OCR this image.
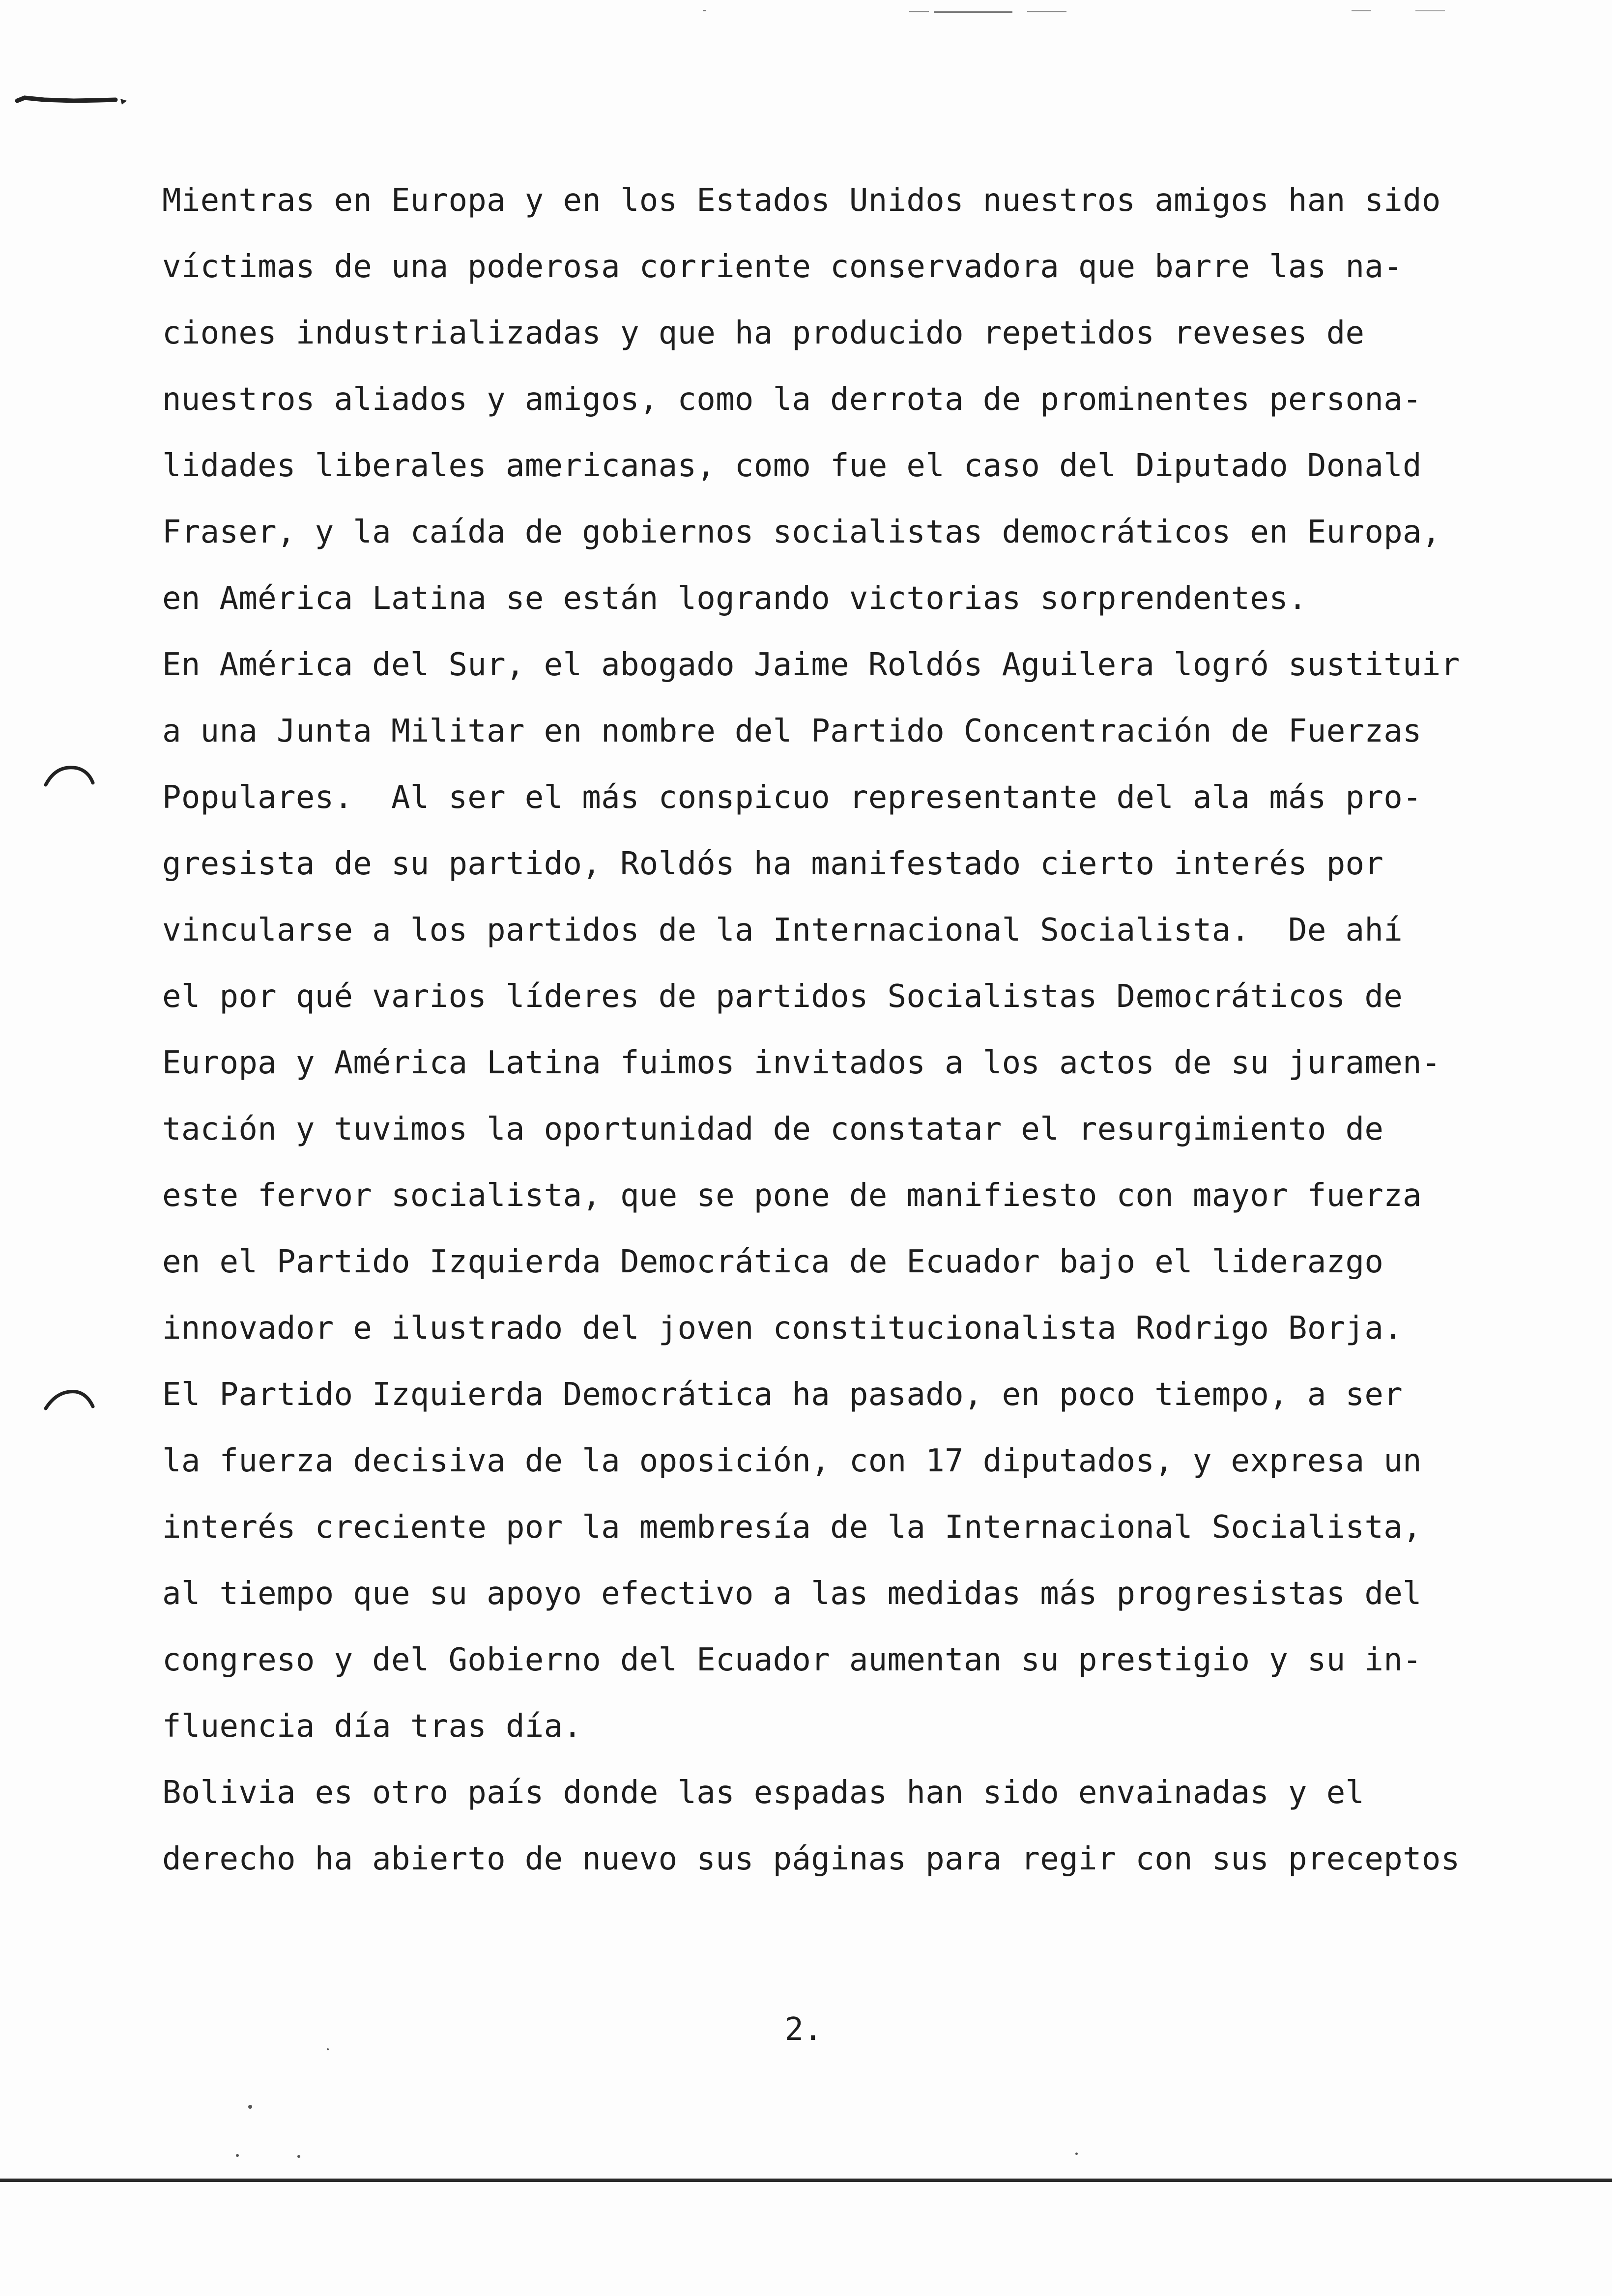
Mientras en Europa y en los Estados Unidos nuestros amigos han sido
víctimas de una poderosa corriente conservadora que barre las na-
ciones industrializadas y que ha producido repetidos reveses de
nuestros aliados y amigos, como la derrota de prominentes persona-
lidades liberales americanas, como fue el caso del Diputado Donald
Fraser, y la caída de gobiernos socialistas democráticos en Europa,
en América Latina se están logrando victorias sorprendentes.
En América del Sur, el abogado Jaime Roldós Aguilera logró sustituir
a una Junta Militar en nombre del Partido Concentración de Fuerzas
Populares.  Al ser el más conspicuo representante del ala más pro-
gresista de su partido, Roldós ha manifestado cierto interés por
vincularse a los partidos de la Internacional Socialista.  De ahí
el por qué varios líderes de partidos Socialistas Democráticos de
Europa y América Latina fuimos invitados a los actos de su juramen-
tación y tuvimos la oportunidad de constatar el resurgimiento de
este fervor socialista, que se pone de manifiesto con mayor fuerza
en el Partido Izquierda Democrática de Ecuador bajo el liderazgo
innovador e ilustrado del joven constitucionalista Rodrigo Borja.
El Partido Izquierda Democrática ha pasado, en poco tiempo, a ser
la fuerza decisiva de la oposición, con 17 diputados, y expresa un
interés creciente por la membresía de la Internacional Socialista,
al tiempo que su apoyo efectivo a las medidas más progresistas del
congreso y del Gobierno del Ecuador aumentan su prestigio y su in-
fluencia día tras día.
Bolivia es otro país donde las espadas han sido envainadas y el
derecho ha abierto de nuevo sus páginas para regir con sus preceptos
2.
